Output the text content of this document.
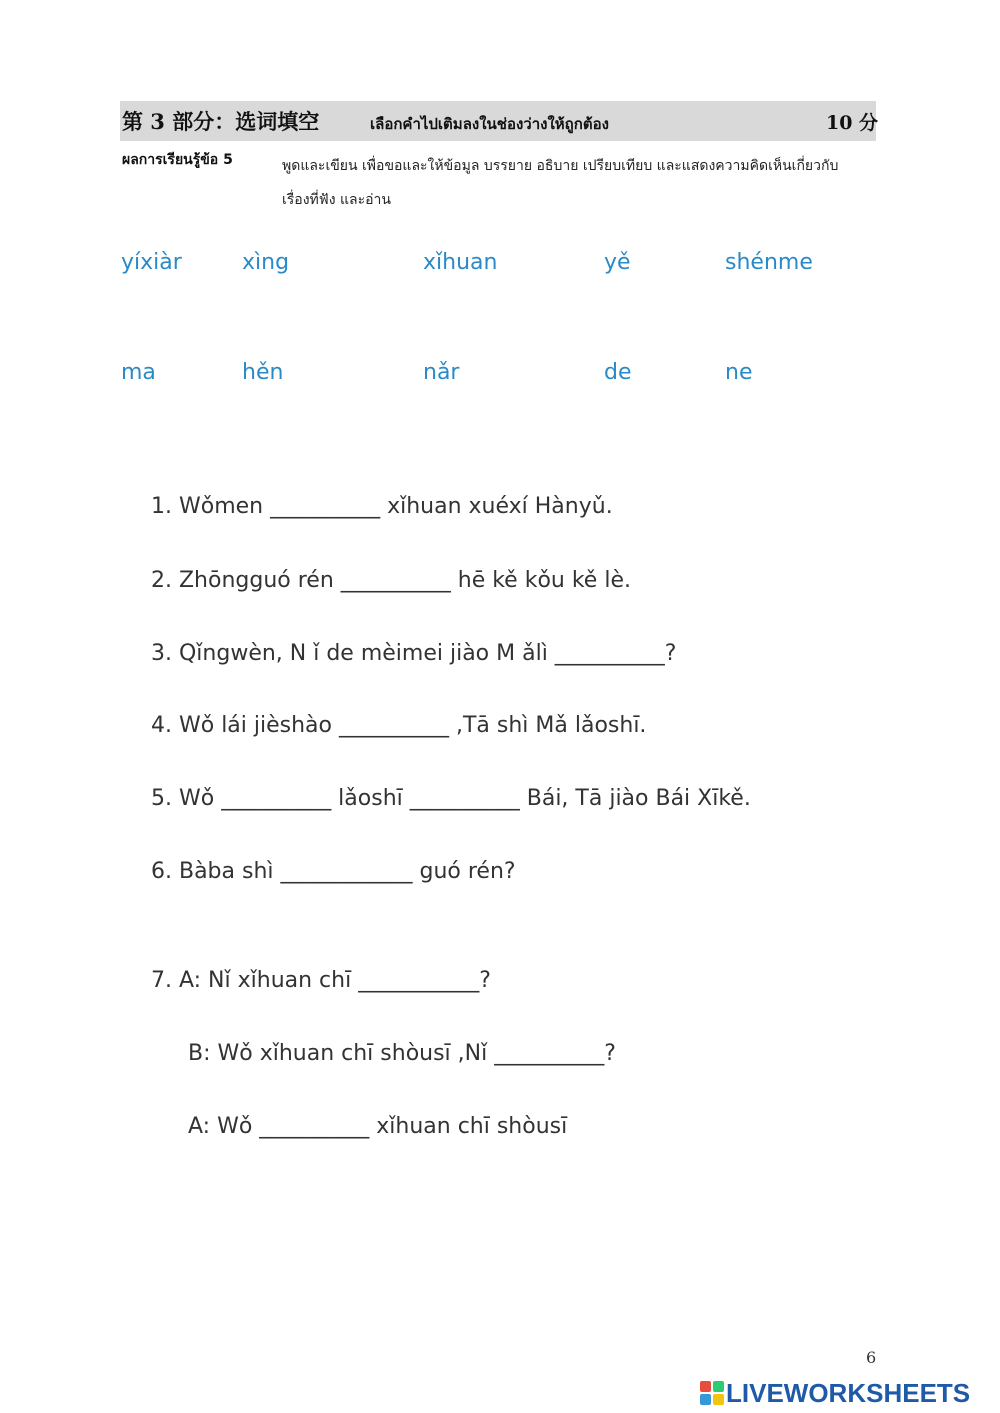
第 3 部分：选词填空	เลือกคำไปเติมลงในช่องว่างให้ถูกต้อง	10 分
ผลการเรียนรู้ข้อ 5	พูดและเขียน เพื่อขอและให้ข้อมูล บรรยาย อธิบาย เปรียบเทียบ และแสดงความคิดเห็นเกี่ยวกับเรื่องที่ฟัง และอ่าน
yíxiàr	xìng	xǐhuan	yě	shénme
ma	hěn	nǎr	de	ne
1. Wǒmen __________ xǐhuan xuéxí Hànyǔ.
2. Zhōngguó rén __________ hē kě kǒu kě lè.
3. Qǐngwèn, N ǐ de mèimei jiào M ǎlì __________?
4. Wǒ lái jièshào __________ ,Tā shì Mǎ lǎoshī.
5. Wǒ __________ lǎoshī __________ Bái, Tā jiào Bái Xīkě.
6. Bàba shì ____________ guó rén?
7. A: Nǐ xǐhuan chī ___________?
B: Wǒ xǐhuan chī shòusī ,Nǐ __________?
A: Wǒ __________ xǐhuan chī shòusī
6
LIVEWORKSHEETS
